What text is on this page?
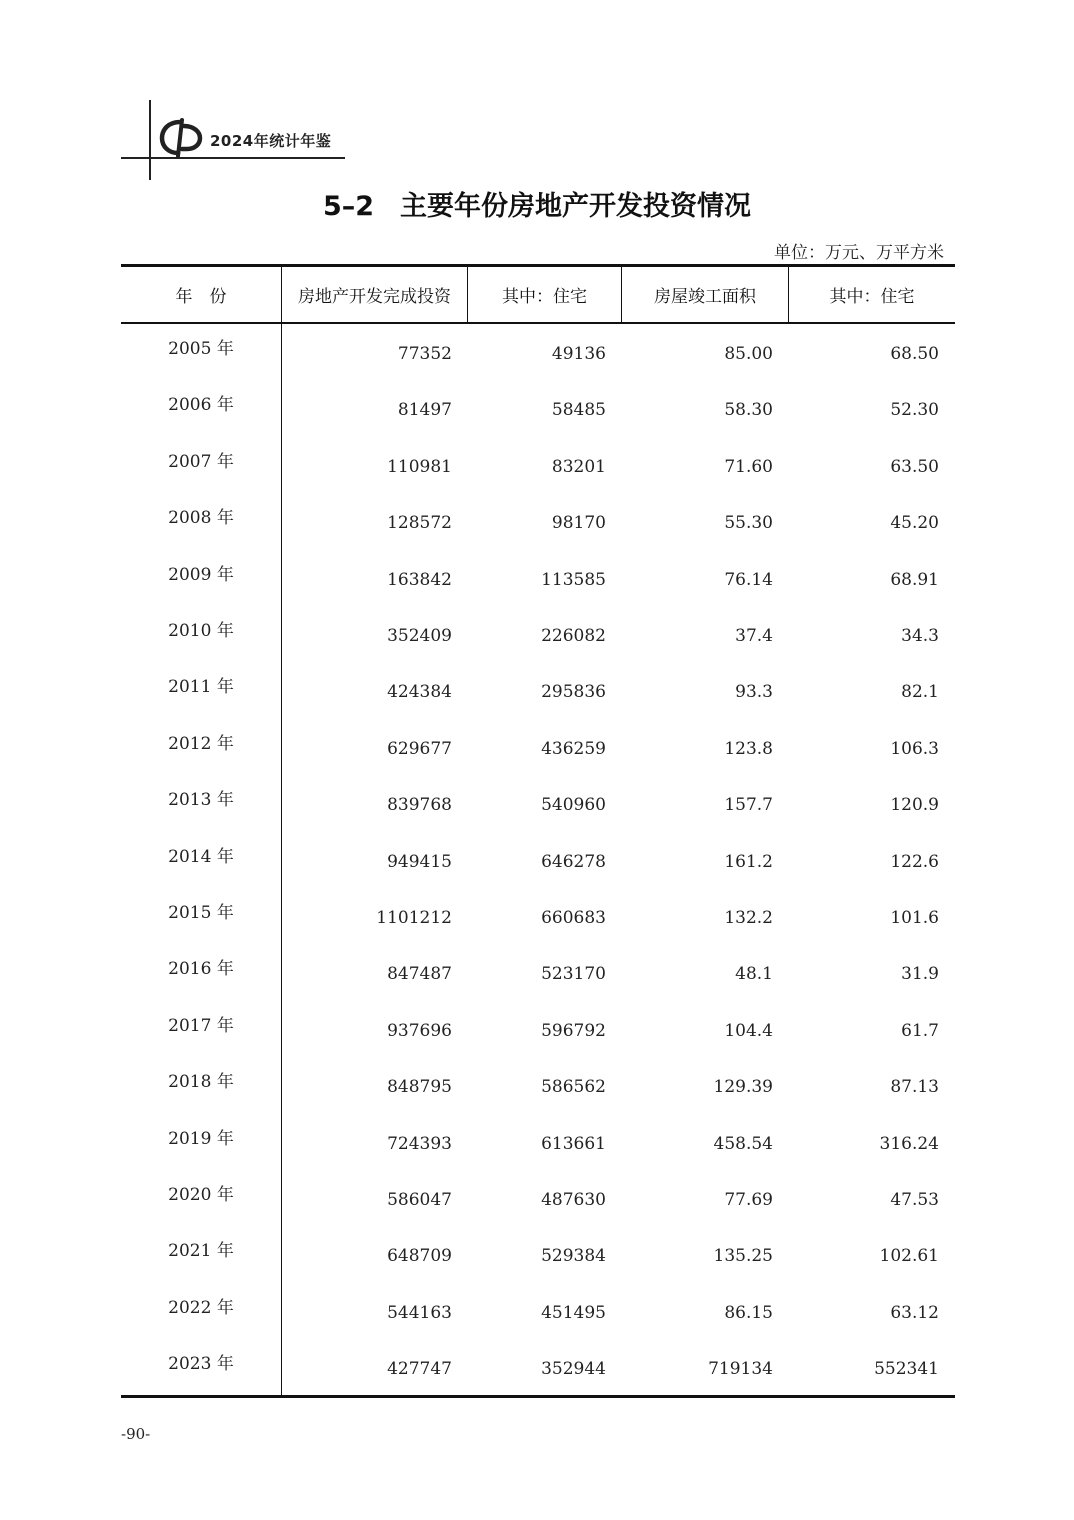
2024年统计年鉴
5–2 主要年份房地产开发投资情况
单位：万元、万平方米
年　份	房地产开发完成投资	其中：住宅	房屋竣工面积	其中：住宅
2005 年	77352	49136	85.00	68.50
2006 年	81497	58485	58.30	52.30
2007 年	110981	83201	71.60	63.50
2008 年	128572	98170	55.30	45.20
2009 年	163842	113585	76.14	68.91
2010 年	352409	226082	37.4	34.3
2011 年	424384	295836	93.3	82.1
2012 年	629677	436259	123.8	106.3
2013 年	839768	540960	157.7	120.9
2014 年	949415	646278	161.2	122.6
2015 年	1101212	660683	132.2	101.6
2016 年	847487	523170	48.1	31.9
2017 年	937696	596792	104.4	61.7
2018 年	848795	586562	129.39	87.13
2019 年	724393	613661	458.54	316.24
2020 年	586047	487630	77.69	47.53
2021 年	648709	529384	135.25	102.61
2022 年	544163	451495	86.15	63.12
2023 年	427747	352944	719134	552341
-90-
